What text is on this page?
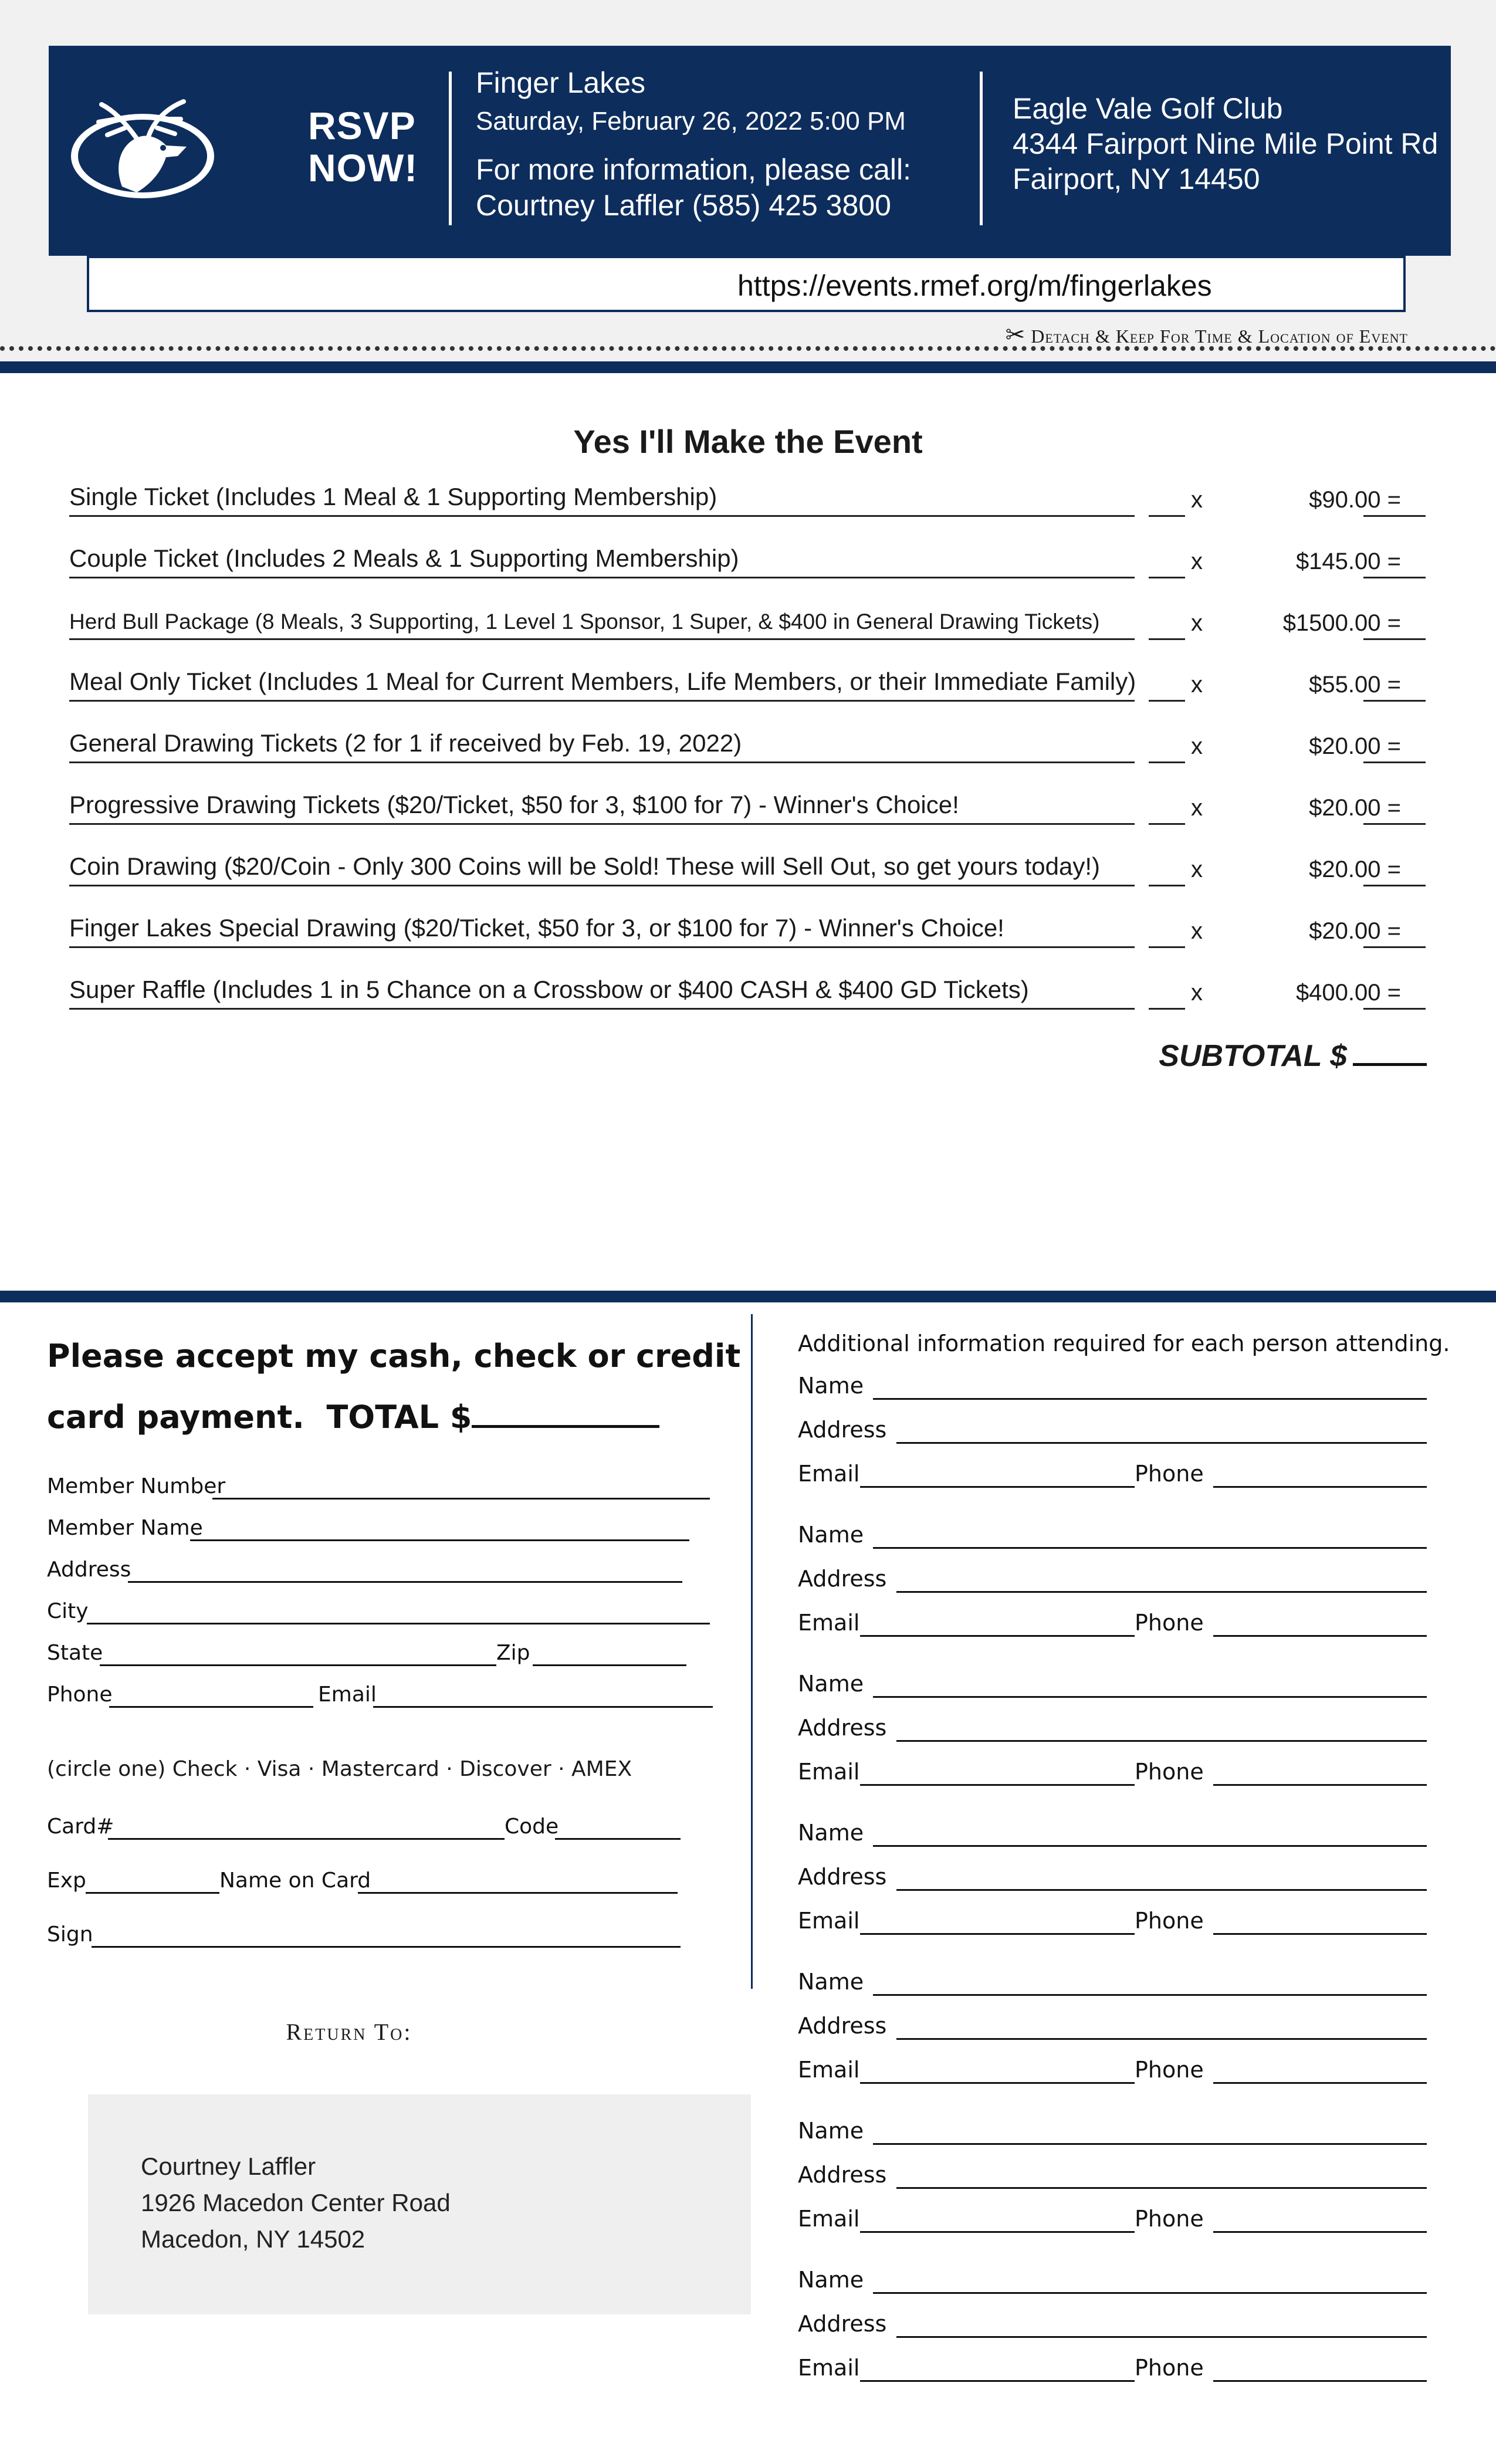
RSVP
NOW!
Finger Lakes
Saturday, February 26, 2022 5:00 PM
For more information, please call:
Courtney Laffler (585) 425 3800
Eagle Vale Golf Club
4344 Fairport Nine Mile Point Rd
Fairport, NY 14450
https://events.rmef.org/m/fingerlakes
✂ Detach & Keep For Time & Location of Event
Yes I'll Make the Event
Single Ticket (Includes 1 Meal & 1 Supporting Membership)	x	$90.00 =
Couple Ticket (Includes 2 Meals & 1 Supporting Membership)	x	$145.00 =
Herd Bull Package (8 Meals, 3 Supporting, 1 Level 1 Sponsor, 1 Super, & $400 in General Drawing Tickets)	x	$1500.00 =
Meal Only Ticket (Includes 1 Meal for Current Members, Life Members, or their Immediate Family) x	$55.00 =
General Drawing Tickets (2 for 1 if received by Feb. 19, 2022)	x	$20.00 =
Progressive Drawing Tickets ($20/Ticket, $50 for 3, $100 for 7) - Winner's Choice!	x	$20.00 =
Coin Drawing ($20/Coin - Only 300 Coins will be Sold! These will Sell Out, so get yours today!)	x	$20.00 =
Finger Lakes Special Drawing ($20/Ticket, $50 for 3, or $100 for 7) - Winner's Choice!	x	$20.00 =
Super Raffle (Includes 1 in 5 Chance on a Crossbow or $400 CASH & $400 GD Tickets)	x	$400.00 =
SUBTOTAL $
Please accept my cash, check or credit
card payment. TOTAL $
Member Number
Member Name
Address
City
State	Zip
Phone	Email
Card#	Code
Exp	Name on Card
Sign
(circle one) Check · Visa · Mastercard · Discover · AMEX
Return To:
Courtney Laffler
1926 Macedon Center Road
Macedon, NY 14502
Additional information required for each person attending.
Name
Address
Email	Phone
Name
Address
Email	Phone
Name
Address
Email	Phone
Name
Address
Email	Phone
Name
Address
Email	Phone
Name
Address
Email	Phone
Name
Address
Email	Phone
